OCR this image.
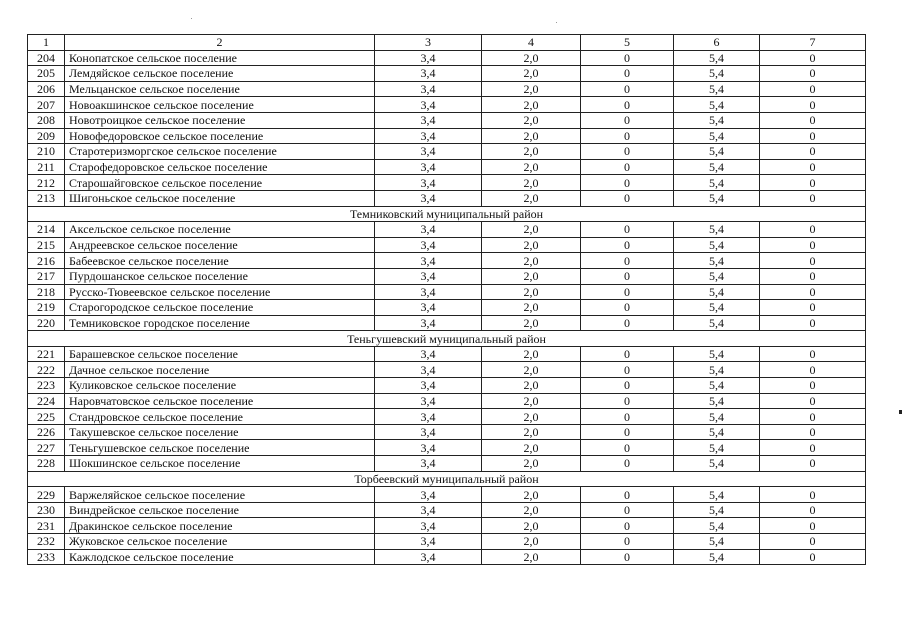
1	2	3	4	5	6	7
204	Конопатское сельское поселение	3,4	2,0	0	5,4	0
205	Лемдяйское сельское поселение	3,4	2,0	0	5,4	0
206	Мельцанское сельское поселение	3,4	2,0	0	5,4	0
207	Новоакшинское сельское поселение	3,4	2,0	0	5,4	0
208	Новотроицкое сельское поселение	3,4	2,0	0	5,4	0
209	Новофедоровское сельское поселение	3,4	2,0	0	5,4	0
210	Старотеризморгское сельское поселение	3,4	2,0	0	5,4	0
211	Старофедоровское сельское поселение	3,4	2,0	0	5,4	0
212	Старошайговское сельское поселение	3,4	2,0	0	5,4	0
213	Шигоньское сельское поселение	3,4	2,0	0	5,4	0
Темниковский муниципальный район						
214	Аксельское сельское поселение	3,4	2,0	0	5,4	0
215	Андреевское сельское поселение	3,4	2,0	0	5,4	0
216	Бабеевское сельское поселение	3,4	2,0	0	5,4	0
217	Пурдошанское сельское поселение	3,4	2,0	0	5,4	0
218	Русско-Тювеевское сельское поселение	3,4	2,0	0	5,4	0
219	Старогородское сельское поселение	3,4	2,0	0	5,4	0
220	Темниковское городское поселение	3,4	2,0	0	5,4	0
Теньгушевский муниципальный район						
221	Барашевское сельское поселение	3,4	2,0	0	5,4	0
222	Дачное сельское поселение	3,4	2,0	0	5,4	0
223	Куликовское сельское поселение	3,4	2,0	0	5,4	0
224	Наровчатовское сельское поселение	3,4	2,0	0	5,4	0
225	Стандровское сельское поселение	3,4	2,0	0	5,4	0
226	Такушевское сельское поселение	3,4	2,0	0	5,4	0
227	Теньгушевское сельское поселение	3,4	2,0	0	5,4	0
228	Шокшинское сельское поселение	3,4	2,0	0	5,4	0
Торбеевский муниципальный район						
229	Варжеляйское сельское поселение	3,4	2,0	0	5,4	0
230	Виндрейское сельское поселение	3,4	2,0	0	5,4	0
231	Дракинское сельское поселение	3,4	2,0	0	5,4	0
232	Жуковское сельское поселение	3,4	2,0	0	5,4	0
233	Кажлодское сельское поселение	3,4	2,0	0	5,4	0
